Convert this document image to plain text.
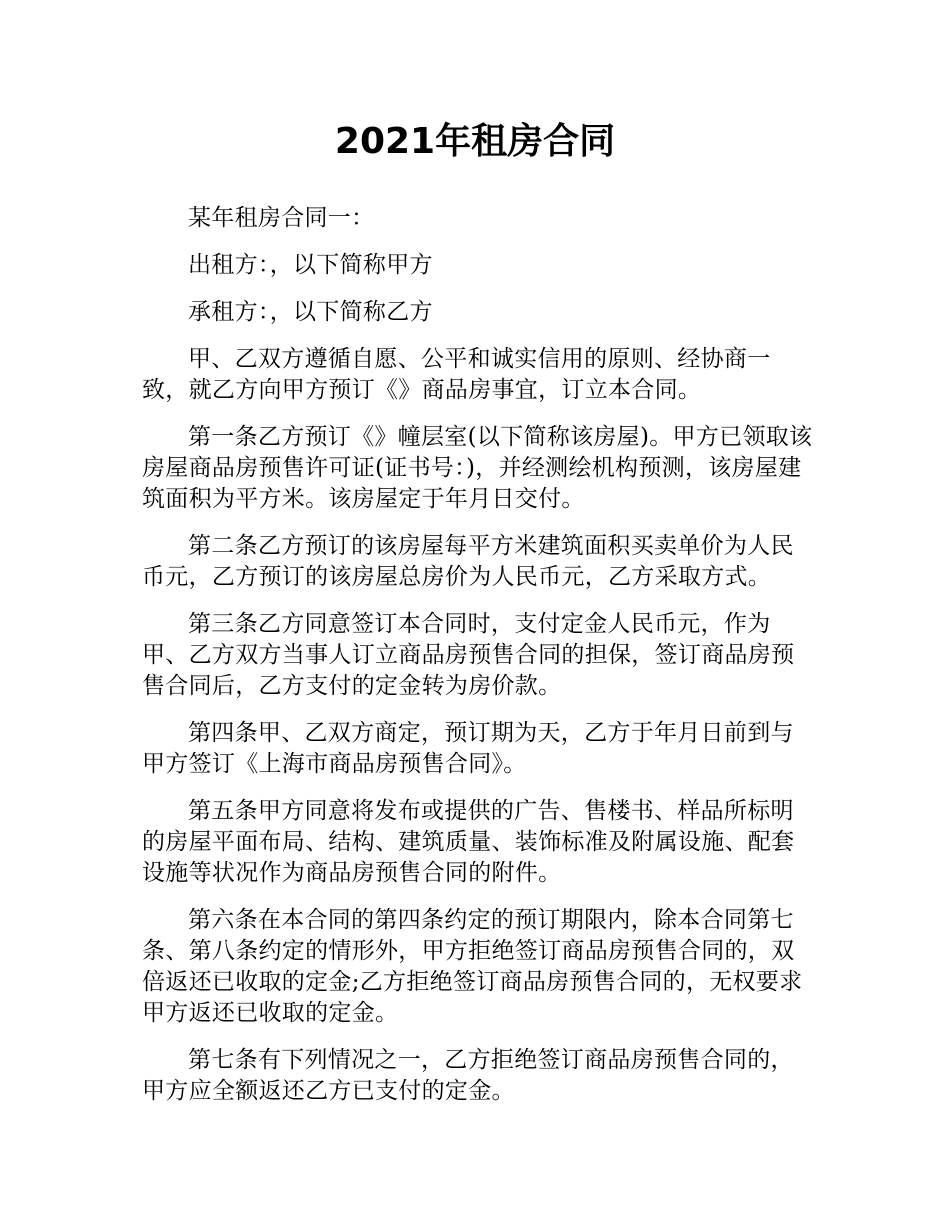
2021年租房合同

某年租房合同一：

出租方：，以下简称甲方

承租方：，以下简称乙方

甲、乙双方遵循自愿、公平和诚实信用的原则、经协商一致，就乙方向甲方预订《》商品房事宜，订立本合同。

第一条乙方预订《》幢层室(以下简称该房屋)。甲方已领取该房屋商品房预售许可证(证书号：)，并经测绘机构预测，该房屋建筑面积为平方米。该房屋定于年月日交付。

第二条乙方预订的该房屋每平方米建筑面积买卖单价为人民币元，乙方预订的该房屋总房价为人民币元，乙方采取方式。

第三条乙方同意签订本合同时，支付定金人民币元，作为甲、乙方双方当事人订立商品房预售合同的担保，签订商品房预售合同后，乙方支付的定金转为房价款。

第四条甲、乙双方商定，预订期为天，乙方于年月日前到与甲方签订《上海市商品房预售合同》。

第五条甲方同意将发布或提供的广告、售楼书、样品所标明的房屋平面布局、结构、建筑质量、装饰标准及附属设施、配套设施等状况作为商品房预售合同的附件。

第六条在本合同的第四条约定的预订期限内，除本合同第七条、第八条约定的情形外，甲方拒绝签订商品房预售合同的，双倍返还已收取的定金;乙方拒绝签订商品房预售合同的，无权要求甲方返还已收取的定金。

第七条有下列情况之一，乙方拒绝签订商品房预售合同的，甲方应全额返还乙方已支付的定金。
